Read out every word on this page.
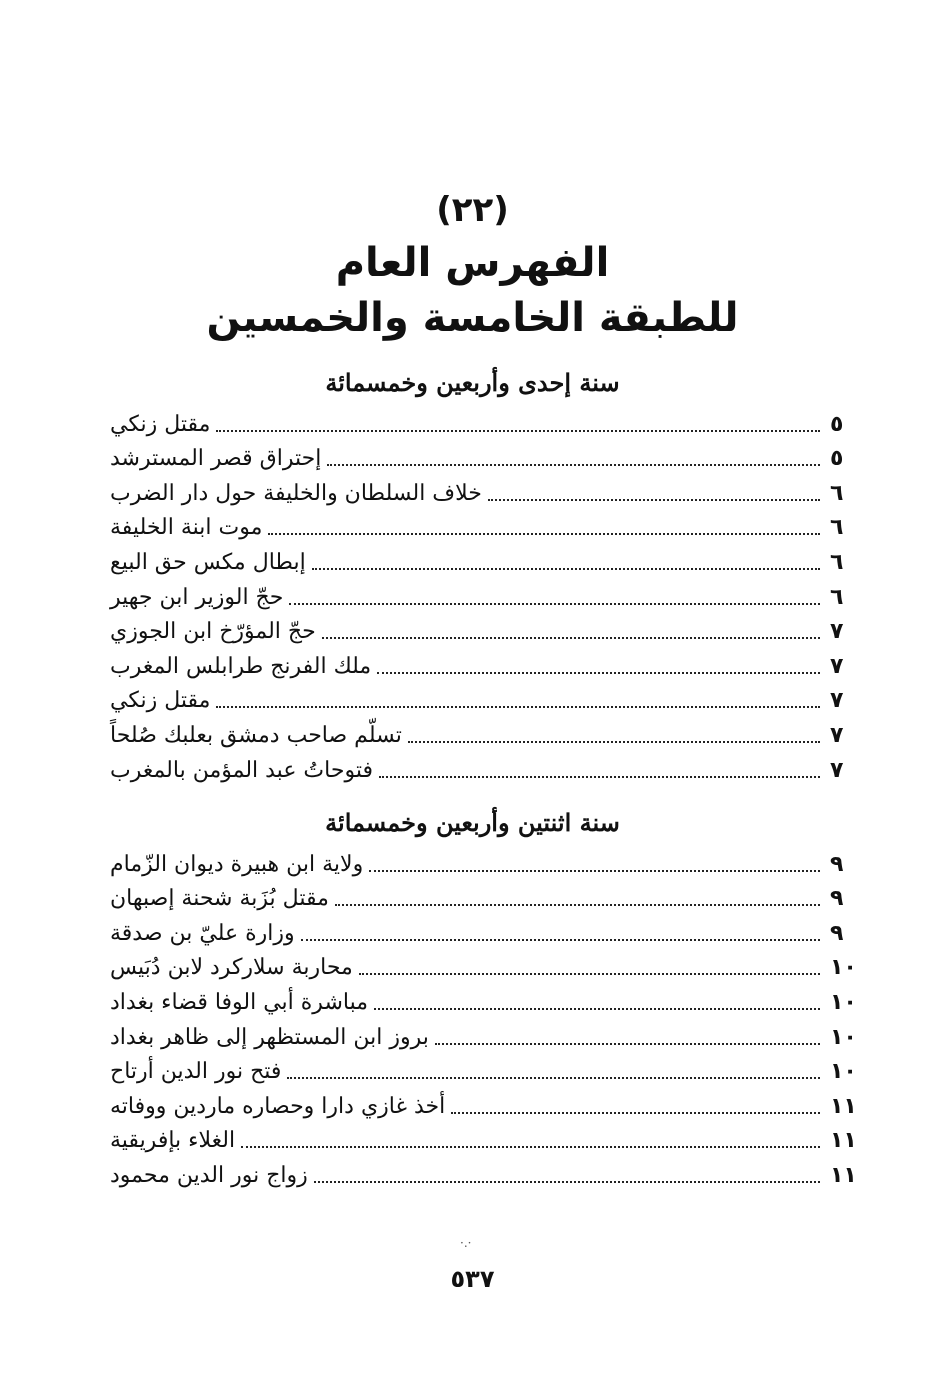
(٢٢)
الفهرس العام
للطبقة الخامسة والخمسين
سنة إحدى وأربعين وخمسمائة
مقتل زنكي	٥
إحتراق قصر المسترشد	٥
خلاف السلطان والخليفة حول دار الضرب	٦
موت ابنة الخليفة	٦
إبطال مكس حق البيع	٦
حجّ الوزير ابن جهير	٦
حجّ المؤرّخ ابن الجوزي	٧
ملك الفرنج طرابلس المغرب	٧
مقتل زنكي	٧
تسلّم صاحب دمشق بعلبك صُلحاً	٧
فتوحاتُ عبد المؤمن بالمغرب	٧
سنة اثنتين وأربعين وخمسمائة
ولاية ابن هبيرة ديوان الزّمام	٩
مقتل بُزَبة شحنة إصبهان	٩
وزارة عليّ بن صدقة	٩
محاربة سلاركرد لابن دُبَيس	١٠
مباشرة أبي الوفا قضاء بغداد	١٠
بروز ابن المستظهر إلى ظاهر بغداد	١٠
فتح نور الدين أرتاح	١٠
أخذ غازي دارا وحصاره ماردين ووفاته	١١
الغلاء بإفريقية	١١
زواج نور الدين محمود	١١
·.·
٥٣٧
